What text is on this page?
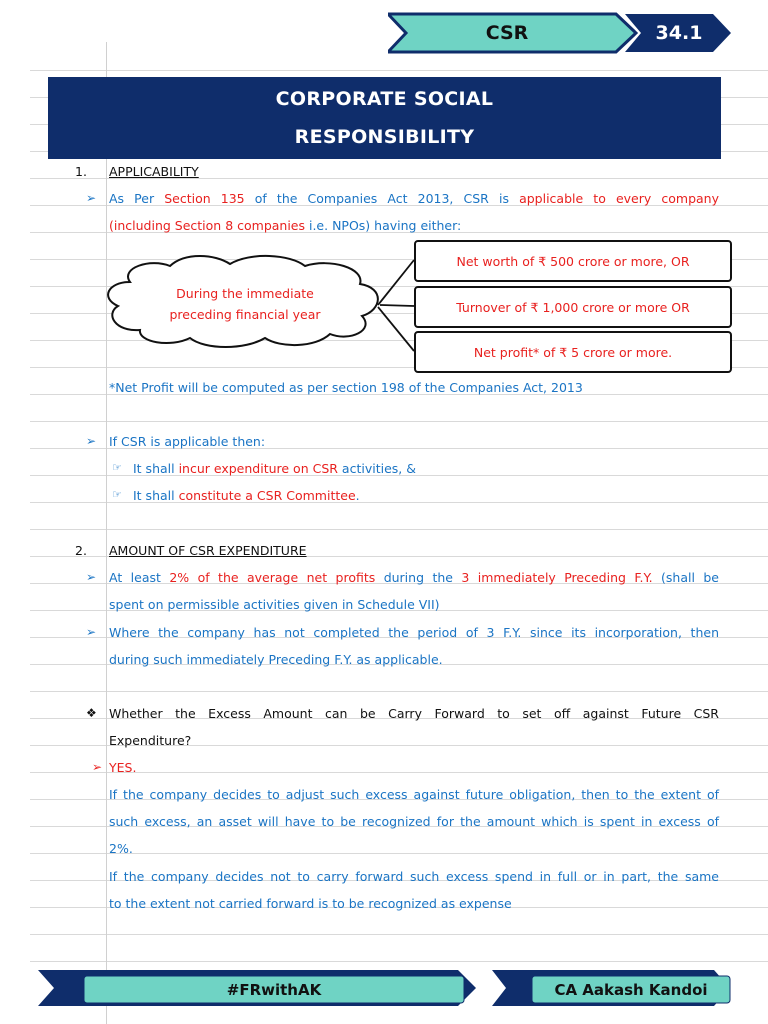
CSR	34.1
CORPORATE SOCIAL
RESPONSIBILITY
1. APPLICABILITY
➢ As Per Section 135 of the Companies Act 2013, CSR is applicable to every company
(including Section 8 companies i.e. NPOs) having either:
During the immediate
preceding financial year
Net worth of ₹ 500 crore or more, OR
Turnover of ₹ 1,000 crore or more OR
Net profit* of ₹ 5 crore or more.
*Net Profit will be computed as per section 198 of the Companies Act, 2013
➢ If CSR is applicable then:
☞ It shall incur expenditure on CSR activities, &
☞ It shall constitute a CSR Committee.
2. AMOUNT OF CSR EXPENDITURE
➢ At least 2% of the average net profits during the 3 immediately Preceding F.Y. (shall be
spent on permissible activities given in Schedule VII)
➢ Where the company has not completed the period of 3 F.Y. since its incorporation, then
during such immediately Preceding F.Y. as applicable.
❖ Whether the Excess Amount can be Carry Forward to set off against Future CSR
Expenditure?
➢ YES.
If the company decides to adjust such excess against future obligation, then to the extent of
such excess, an asset will have to be recognized for the amount which is spent in excess of
2%.
If the company decides not to carry forward such excess spend in full or in part, the same
to the extent not carried forward is to be recognized as expense
#FRwithAK	CA Aakash Kandoi
